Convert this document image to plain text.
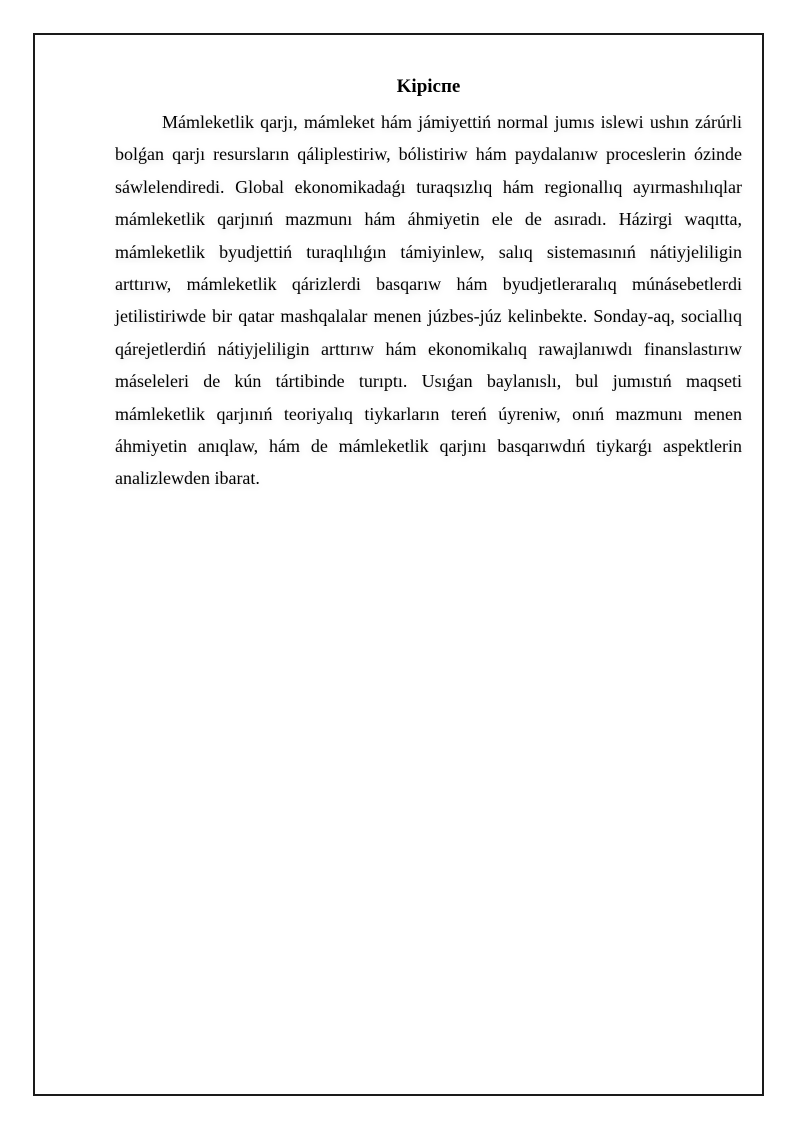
Kipicпe

Mámleketlik qarjı, mámleket hám jámiyettiń normal jumıs islewi ushın zárúrli bolǵan qarjı resursların qáliplestiriw, bólistiriw hám paydalanıw proceslerin ózinde sáwlelendiredi. Global ekonomikadaǵı turaqsızlıq hám regionallıq ayırmashılıqlar mámleketlik qarjınıń mazmunı hám áhmiyetin ele de asıradı. Házirgi waqıtta, mámleketlik byudjettiń turaqlılıǵın támiyinlew, salıq sistemasınıń nátiyjeliligin arttırıw, mámleketlik qárizlerdi basqarıw hám byudjetleraralıq múnásebetlerdi jetilistiriwde bir qatar mashqalalar menen júzbes-júz kelinbekte. Sonday-aq, sociallıq qárejetlerdiń nátiyjeliligin arttırıw hám ekonomikalıq rawajlanıwdı finanslastırıw máseleleri de kún tártibinde turıptı. Usıǵan baylanıslı, bul jumıstıń maqseti mámleketlik qarjınıń teoriyalıq tiykarların tereń úyreniw, onıń mazmunı menen áhmiyetin anıqlaw, hám de mámleketlik qarjını basqarıwdıń tiykarǵı aspektlerin analizlewden ibarat.
